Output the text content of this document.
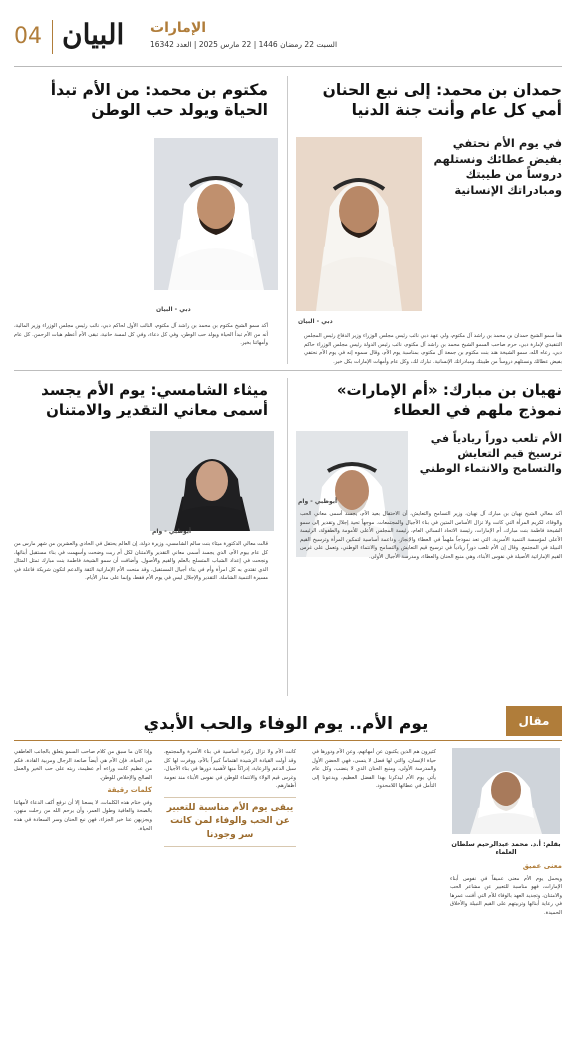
04 البيان الإمارات
السبت 22 رمضان 1446 | 22 مارس 2025 | العدد 16342
حمدان بن محمد: إلى نبع الحنان أمي كل عام وأنت جنة الدنيا
في يوم الأم نحتفي بفيض عطائك ونستلهم دروساً من طيبتك ومبادراتك الإنسانية
دبي - البيان
هنأ سمو الشيخ حمدان بن محمد بن راشد آل مكتوم، ولي عهد دبي نائب رئيس مجلس الوزراء وزير الدفاع رئيس المجلس التنفيذي لإمارة دبي، حرم صاحب السمو الشيخ محمد بن راشد آل مكتوم، نائب رئيس الدولة رئيس مجلس الوزراء حاكم دبي، رعاه الله، سمو الشيخة هند بنت مكتوم بن جمعة آل مكتوم، بمناسبة يوم الأم، وقال سموه إنه في يوم الأم نحتفي بفيض عطائك ونستلهم دروساً من طيبتك ومبادراتك الإنسانية. تبارك لك، وكل عام وأمهات الإمارات بكل خير.
مكتوم بن محمد: من الأم تبدأ الحياة ويولد حب الوطن
دبي - البيان
أكد سمو الشيخ مكتوم بن محمد بن راشد آل مكتوم، النائب الأول لحاكم دبي، نائب رئيس مجلس الوزراء وزير المالية، أنه من الأم تبدأ الحياة ويولد حب الوطن، وفي كل دعاء، وفي كل لمسة حانية، تبقى الأم أعظم هبات الرحمن. كل عام وأمهاتنا بخير.
نهيان بن مبارك: «أم الإمارات» نموذج ملهم في العطاء
الأم تلعب دوراً ريادياً في ترسيخ قيم التعايش والتسامح والانتماء الوطني
أبوظبي - وام
أكد معالي الشيخ نهيان بن مبارك آل نهيان، وزير التسامح والتعايش، أن الاحتفال بعيد الأم، يجسد أسمى معاني الحب والوفاء، لكريم المرأة التي كانت ولا تزال الأساس المتين في بناء الأجيال والمجتمعات. موجهاً تحية إجلال وتقدير إلى سمو الشيخة فاطمة بنت مبارك، أم الإمارات، رئيسة الاتحاد النسائي العام، رئيسة المجلس الأعلى للأمومة والطفولة، الرئيسة الأعلى لمؤسسة التنمية الأسرية، التي تعد نموذجاً ملهماً في العطاء والإنجاز، وداعمة أساسية لتمكين المرأة وترسيخ القيم النبيلة في المجتمع. وقال إن الأم تلعب دوراً ريادياً في ترسيخ قيم التعايش والتسامح والانتماء الوطني، وتعمل على غرس القيم الإماراتية الأصيلة في نفوس الأبناء، وهي منبع الحنان والعطاء، ومدرسة الأجيال الأولى.
ميثاء الشامسي: يوم الأم يجسد أسمى معاني التقدير والامتنان
أبوظبي - وام
قالت معالي الدكتورة ميثاء بنت سالم الشامسي، وزيرة دولة، إن العالم يحتفل في الحادي والعشرين من شهر مارس من كل عام بيوم الأم، الذي يجسد أسمى معاني التقدير والامتنان لكل أم ربت وضحت وأسهمت في بناء مستقبل أبنائها، ونجحت في إعداد الشباب المتسلح بالعلم والقيم والأصول. وأضافت أن سمو الشيخة فاطمة بنت مبارك تمثل المثال الذي تقتدي به كل امرأة وأم في بناء أجيال المستقبل، وقد منحت الأم الإماراتية الثقة والدعم لتكون شريكة فاعلة في مسيرة التنمية الشاملة. التقدير والإجلال ليس في يوم الأم فقط، وإنما على مدار الأيام.
مقال
يوم الأم.. يوم الوفاء والحب الأبدي
بقلم: أ.د. محمد عبدالرحيم سلطان العلماء
كثيرون هم الذين يكتبون عن أمهاتهم، وعن الأم ودورها في حياة الإنسان، والتي لها فضل لا ينسى، فهي الحضن الأول والمدرسة الأولى، ومنبع الحنان الذي لا ينضب، وكل عام يأتي يوم الأم ليذكرنا بهذا الفضل العظيم، ويدعونا إلى التأمل في عطائها اللامحدود.
معنى عميق
ويحمل يوم الأم معنى عميقاً في نفوس أبناء الإمارات، فهو مناسبة للتعبير عن مشاعر الحب والامتنان، وتجديد العهد بالوفاء للأم التي أفنت عمرها في رعاية أبنائها وتربيتهم على القيم النبيلة والأخلاق الحميدة.
كانت الأم ولا تزال ركيزة أساسية في بناء الأسرة والمجتمع، وقد أولت القيادة الرشيدة اهتماماً كبيراً بالأم، ووفرت لها كل سبل الدعم والرعاية، إدراكاً منها لأهمية دورها في بناء الأجيال، وغرس قيم الولاء والانتماء للوطن في نفوس الأبناء منذ نعومة أظفارهم.
يبقى يوم الأم مناسبة للتعبير عن الحب والوفاء لمن كانت سر وجودنا
وإذا كان ما سبق من كلام صاحب السمو يتعلق بالجانب العاطفي من الحياة، فإن الأم هي أيضاً صانعة الرجال ومربية القادة، فكم من عظيم كانت وراءه أم عظيمة، ربته على حب الخير والعمل الصالح والإخلاص للوطن.
كلمات رقيقة
وفي ختام هذه الكلمات، لا يسعنا إلا أن نرفع أكف الدعاء لأمهاتنا بالصحة والعافية وطول العمر، وأن يرحم الله من رحلت منهن، ويجزيهن عنا خير الجزاء، فهن نبع الحنان وسر السعادة في هذه الحياة.
